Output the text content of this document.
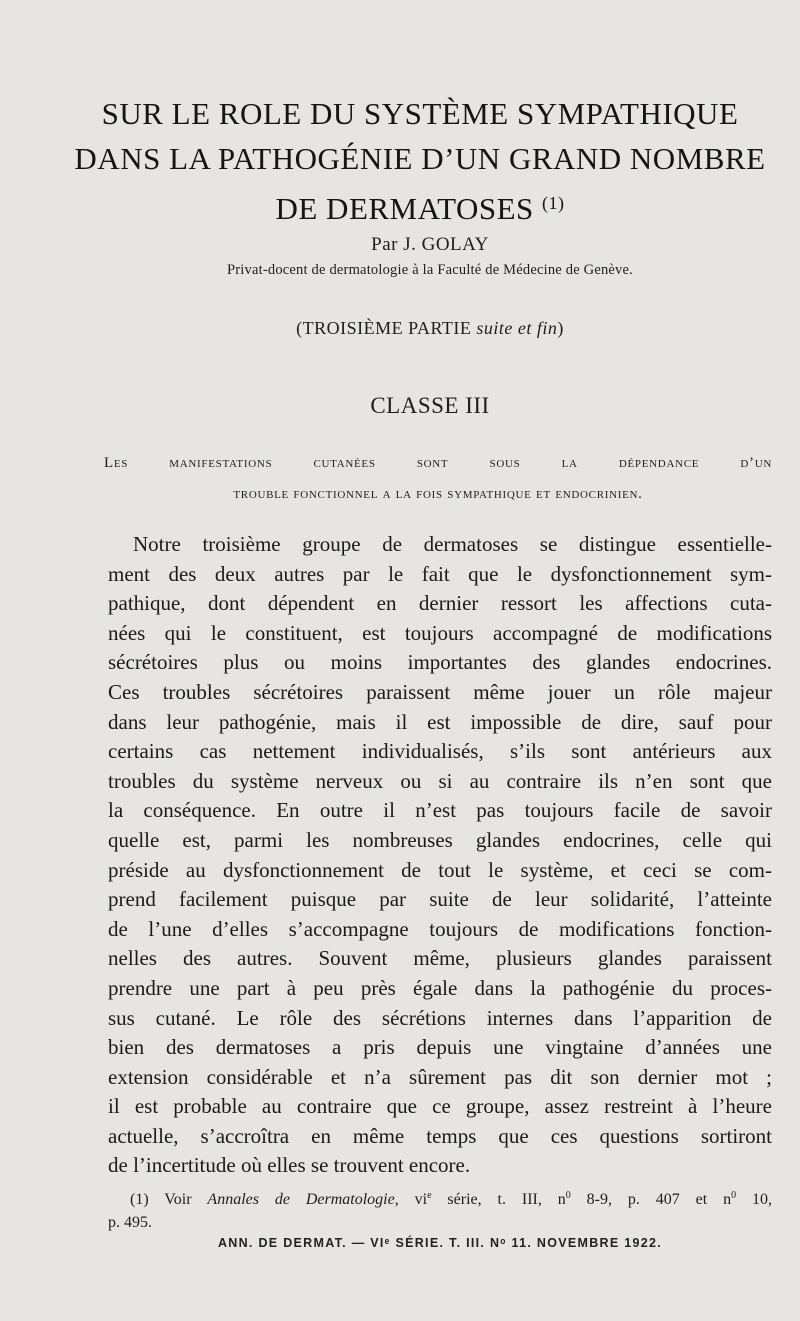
SUR LE ROLE DU SYSTÈME SYMPATHIQUE
DANS LA PATHOGÉNIE D’UN GRAND NOMBRE
DE DERMATOSES $^{(1)}$
Par J. GOLAY
Privat-docent de dermatologie à la Faculté de Médecine de Genève.
(TROISIÈME PARTIE suite et fin)
CLASSE III
Les manifestations cutanées sont sous la dépendance d’un
trouble fonctionnel a la fois sympathique et endocrinien.
Notre troisième groupe de dermatoses se distingue essentielle-
ment des deux autres par le fait que le dysfonctionnement sym-
pathique, dont dépendent en dernier ressort les affections cuta-
nées qui le constituent, est toujours accompagné de modifications
sécrétoires plus ou moins importantes des glandes endocrines.
Ces troubles sécrétoires paraissent même jouer un rôle majeur
dans leur pathogénie, mais il est impossible de dire, sauf pour
certains cas nettement individualisés, s’ils sont antérieurs aux
troubles du système nerveux ou si au contraire ils n’en sont que
la conséquence. En outre il n’est pas toujours facile de savoir
quelle est, parmi les nombreuses glandes endocrines, celle qui
préside au dysfonctionnement de tout le système, et ceci se com-
prend facilement puisque par suite de leur solidarité, l’atteinte
de l’une d’elles s’accompagne toujours de modifications fonction-
nelles des autres. Souvent même, plusieurs glandes paraissent
prendre une part à peu près égale dans la pathogénie du proces-
sus cutané. Le rôle des sécrétions internes dans l’apparition de
bien des dermatoses a pris depuis une vingtaine d’années une
extension considérable et n’a sûrement pas dit son dernier mot ;
il est probable au contraire que ce groupe, assez restreint à l’heure
actuelle, s’accroîtra en même temps que ces questions sortiront
de l’incertitude où elles se trouvent encore.
(1) Voir Annales de Dermatologie, $vi^e$ série, t. III, $n^0$ 8-9, p. 407 et $n^0$ 10,
p. 495.
ANN. DE DERMAT. — VIᵉ SÉRIE. T. III. Nᵒ 11. NOVEMBRE 1922.
